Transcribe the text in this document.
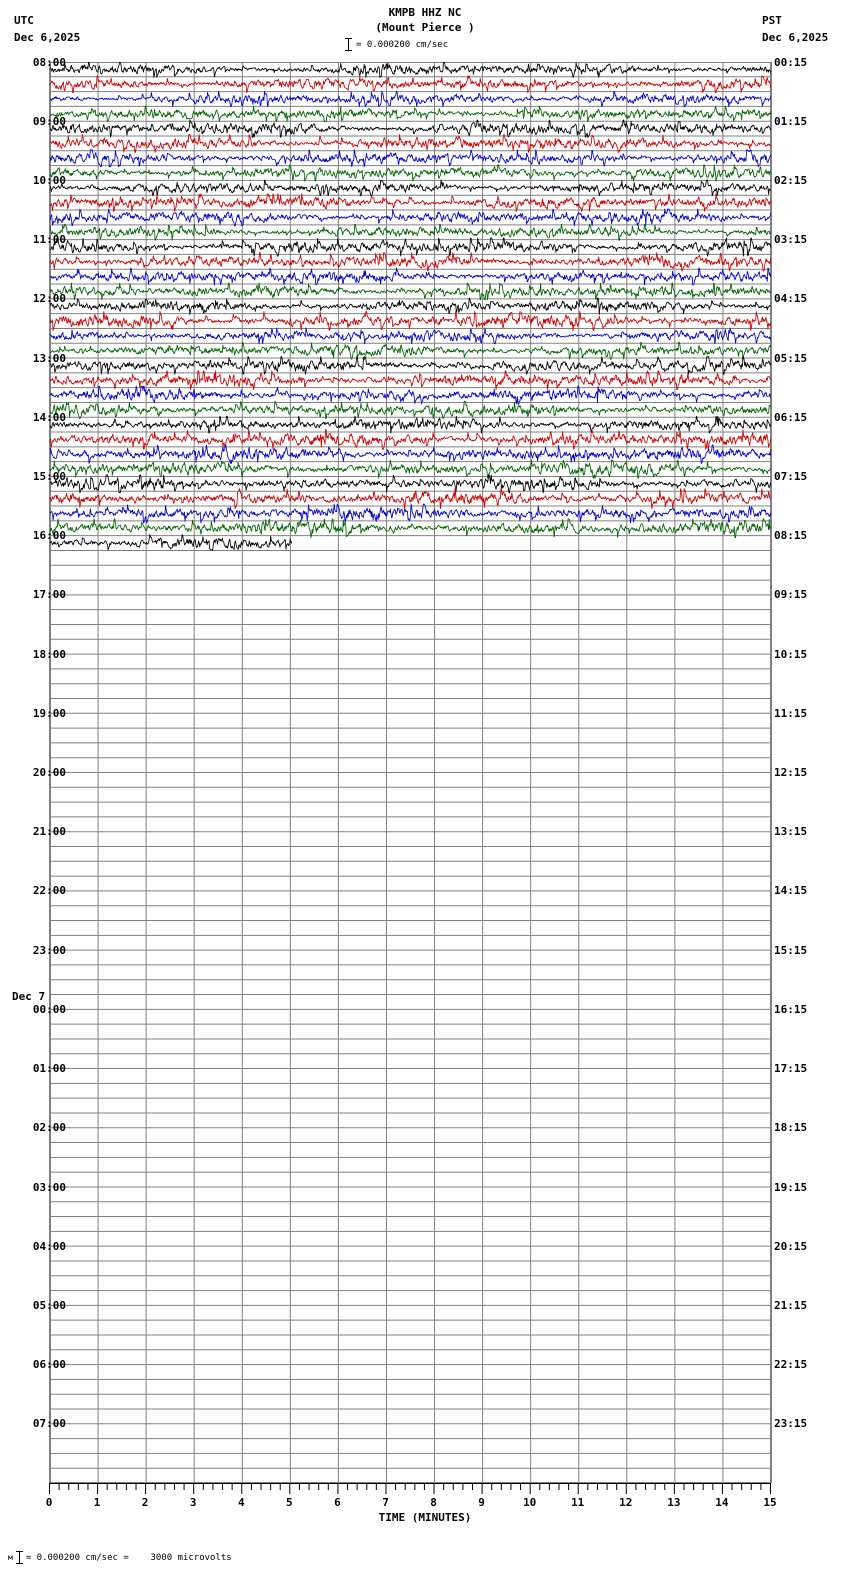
UTC
Dec 6,2025
KMPB HHZ NC
(Mount Pierce )
= 0.000200 cm/sec
PST
Dec 6,2025
08:00	00:15
09:00	01:15
10:00	02:15
11:00	03:15
12:00	04:15
13:00	05:15
14:00	06:15
15:00	07:15
16:00	08:15
17:00	09:15
18:00	10:15
19:00	11:15
20:00	12:15
21:00	13:15
22:00	14:15
23:00	15:15
00:00	16:15
Dec 7
01:00	17:15
02:00	18:15
03:00	19:15
04:00	20:15
05:00	21:15
06:00	22:15
07:00	23:15
0	1	2	3	4	5	6	7	8	9	10	11	12	13	14	15
TIME (MINUTES)
м = 0.000200 cm/sec =    3000 microvolts
